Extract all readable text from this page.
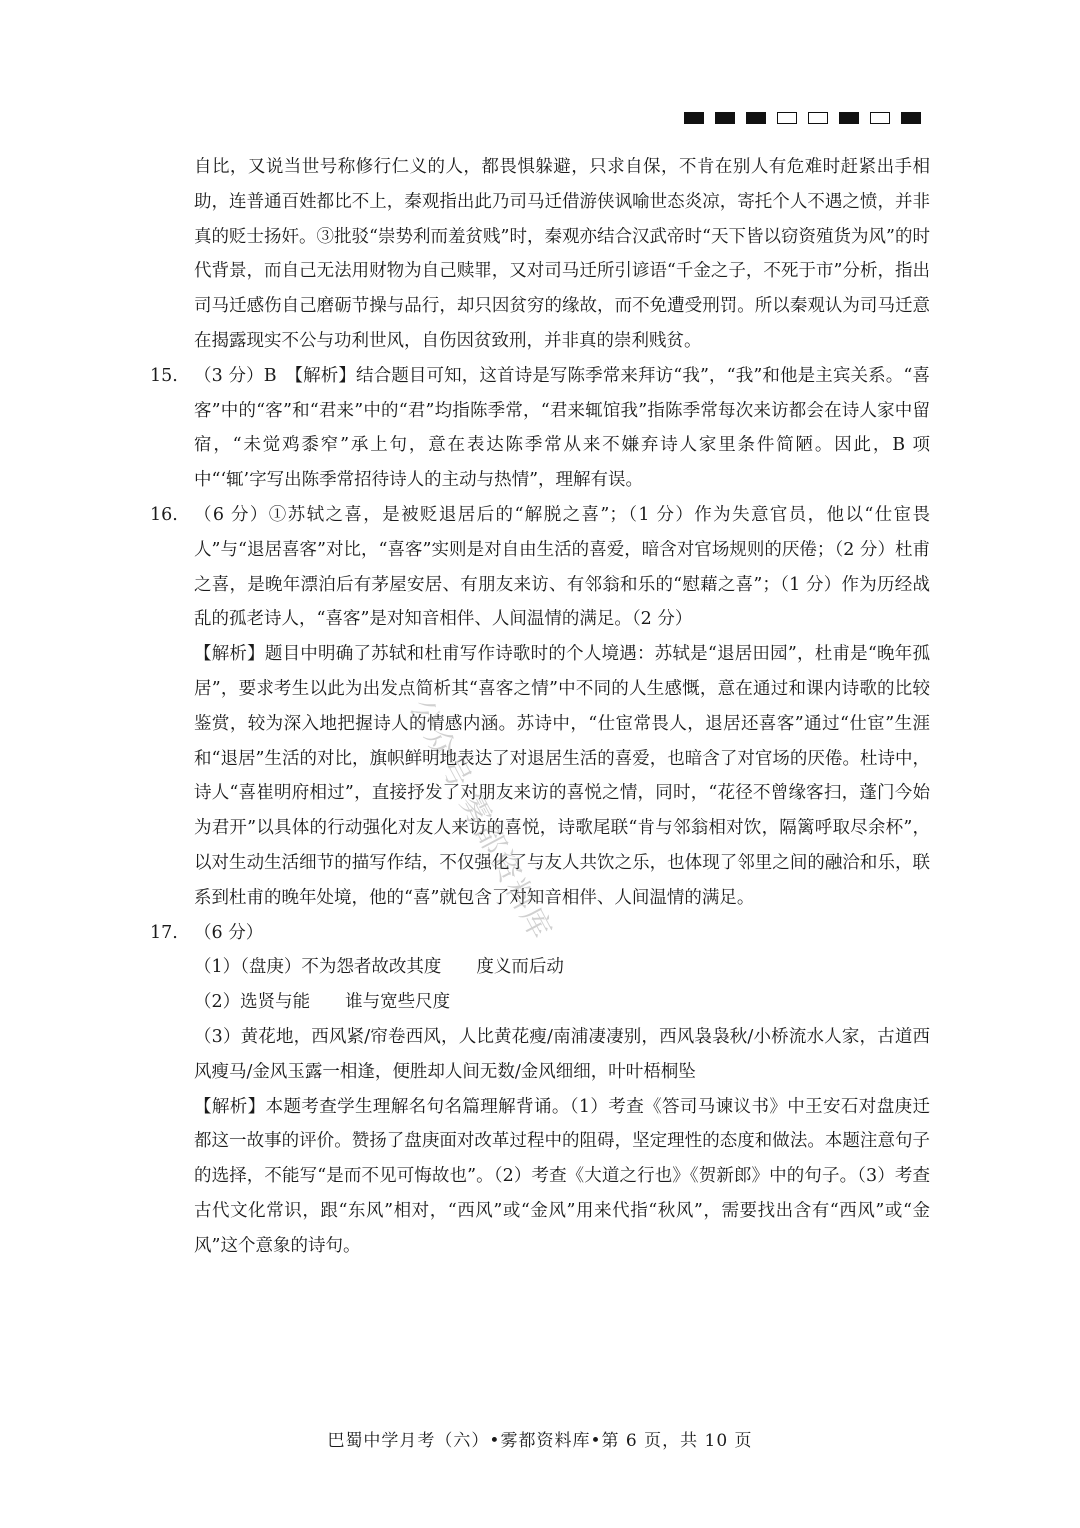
自比，又说当世号称修行仁义的人，都畏惧躲避，只求自保，不肯在别人有危难时赶紧出手相助，连普通百姓都比不上，秦观指出此乃司马迁借游侠讽喻世态炎凉，寄托个人不遇之愤，并非真的贬士扬奸。③批驳“崇势利而羞贫贱”时，秦观亦结合汉武帝时“天下皆以窃资殖货为风”的时代背景，而自己无法用财物为自己赎罪，又对司马迁所引谚语“千金之子，不死于市”分析，指出司马迁感伤自己磨砺节操与品行，却只因贫穷的缘故，而不免遭受刑罚。所以秦观认为司马迁意在揭露现实不公与功利世风，自伤因贫致刑，并非真的崇利贱贫。

15. （3 分）B　【解析】结合题目可知，这首诗是写陈季常来拜访“我”，“我”和他是主宾关系。“喜客”中的“客”和“君来”中的“君”均指陈季常，“君来辄馆我”指陈季常每次来访都会在诗人家中留宿，“未觉鸡黍窄”承上句，意在表达陈季常从来不嫌弃诗人家里条件简陋。因此，B 项中“‘辄’字写出陈季常招待诗人的主动与热情”，理解有误。

16. （6 分）①苏轼之喜，是被贬退居后的“解脱之喜”；（1 分）作为失意官员，他以“仕宦畏人”与“退居喜客”对比，“喜客”实则是对自由生活的喜爱，暗含对官场规则的厌倦；（2 分）杜甫之喜，是晚年漂泊后有茅屋安居、有朋友来访、有邻翁和乐的“慰藉之喜”；（1 分）作为历经战乱的孤老诗人，“喜客”是对知音相伴、人间温情的满足。（2 分）

【解析】题目中明确了苏轼和杜甫写作诗歌时的个人境遇：苏轼是“退居田园”，杜甫是“晚年孤居”，要求考生以此为出发点简析其“喜客之情”中不同的人生感慨，意在通过和课内诗歌的比较鉴赏，较为深入地把握诗人的情感内涵。苏诗中，“仕宦常畏人，退居还喜客”通过“仕宦”生涯和“退居”生活的对比，旗帜鲜明地表达了对退居生活的喜爱，也暗含了对官场的厌倦。杜诗中，诗人“喜崔明府相过”，直接抒发了对朋友来访的喜悦之情，同时，“花径不曾缘客扫，蓬门今始为君开”以具体的行动强化对友人来访的喜悦，诗歌尾联“肯与邻翁相对饮，隔篱呼取尽余杯”，以对生动生活细节的描写作结，不仅强化了与友人共饮之乐，也体现了邻里之间的融洽和乐，联系到杜甫的晚年处境，他的“喜”就包含了对知音相伴、人间温情的满足。

17. （6 分）

（1）（盘庚）不为怨者故改其度　　度义而后动

（2）选贤与能　　谁与宽些尺度

（3）黄花地，西风紧/帘卷西风，人比黄花瘦/南浦凄凄别，西风袅袅秋/小桥流水人家，古道西风瘦马/金风玉露一相逢，便胜却人间无数/金风细细，叶叶梧桐坠

【解析】本题考查学生理解名句名篇理解背诵。（1）考查《答司马谏议书》中王安石对盘庚迁都这一故事的评价。赞扬了盘庚面对改革过程中的阻碍，坚定理性的态度和做法。本题注意句子的选择，不能写“是而不见可悔故也”。（2）考查《大道之行也》《贺新郎》中的句子。（3）考查古代文化常识，跟“东风”相对，“西风”或“金风”用来代指“秋风”，需要找出含有“西风”或“金风”这个意象的诗句。

公众号·雾都资料库
巴蜀中学月考（六）•雾都资料库•第 6 页，共 10 页
